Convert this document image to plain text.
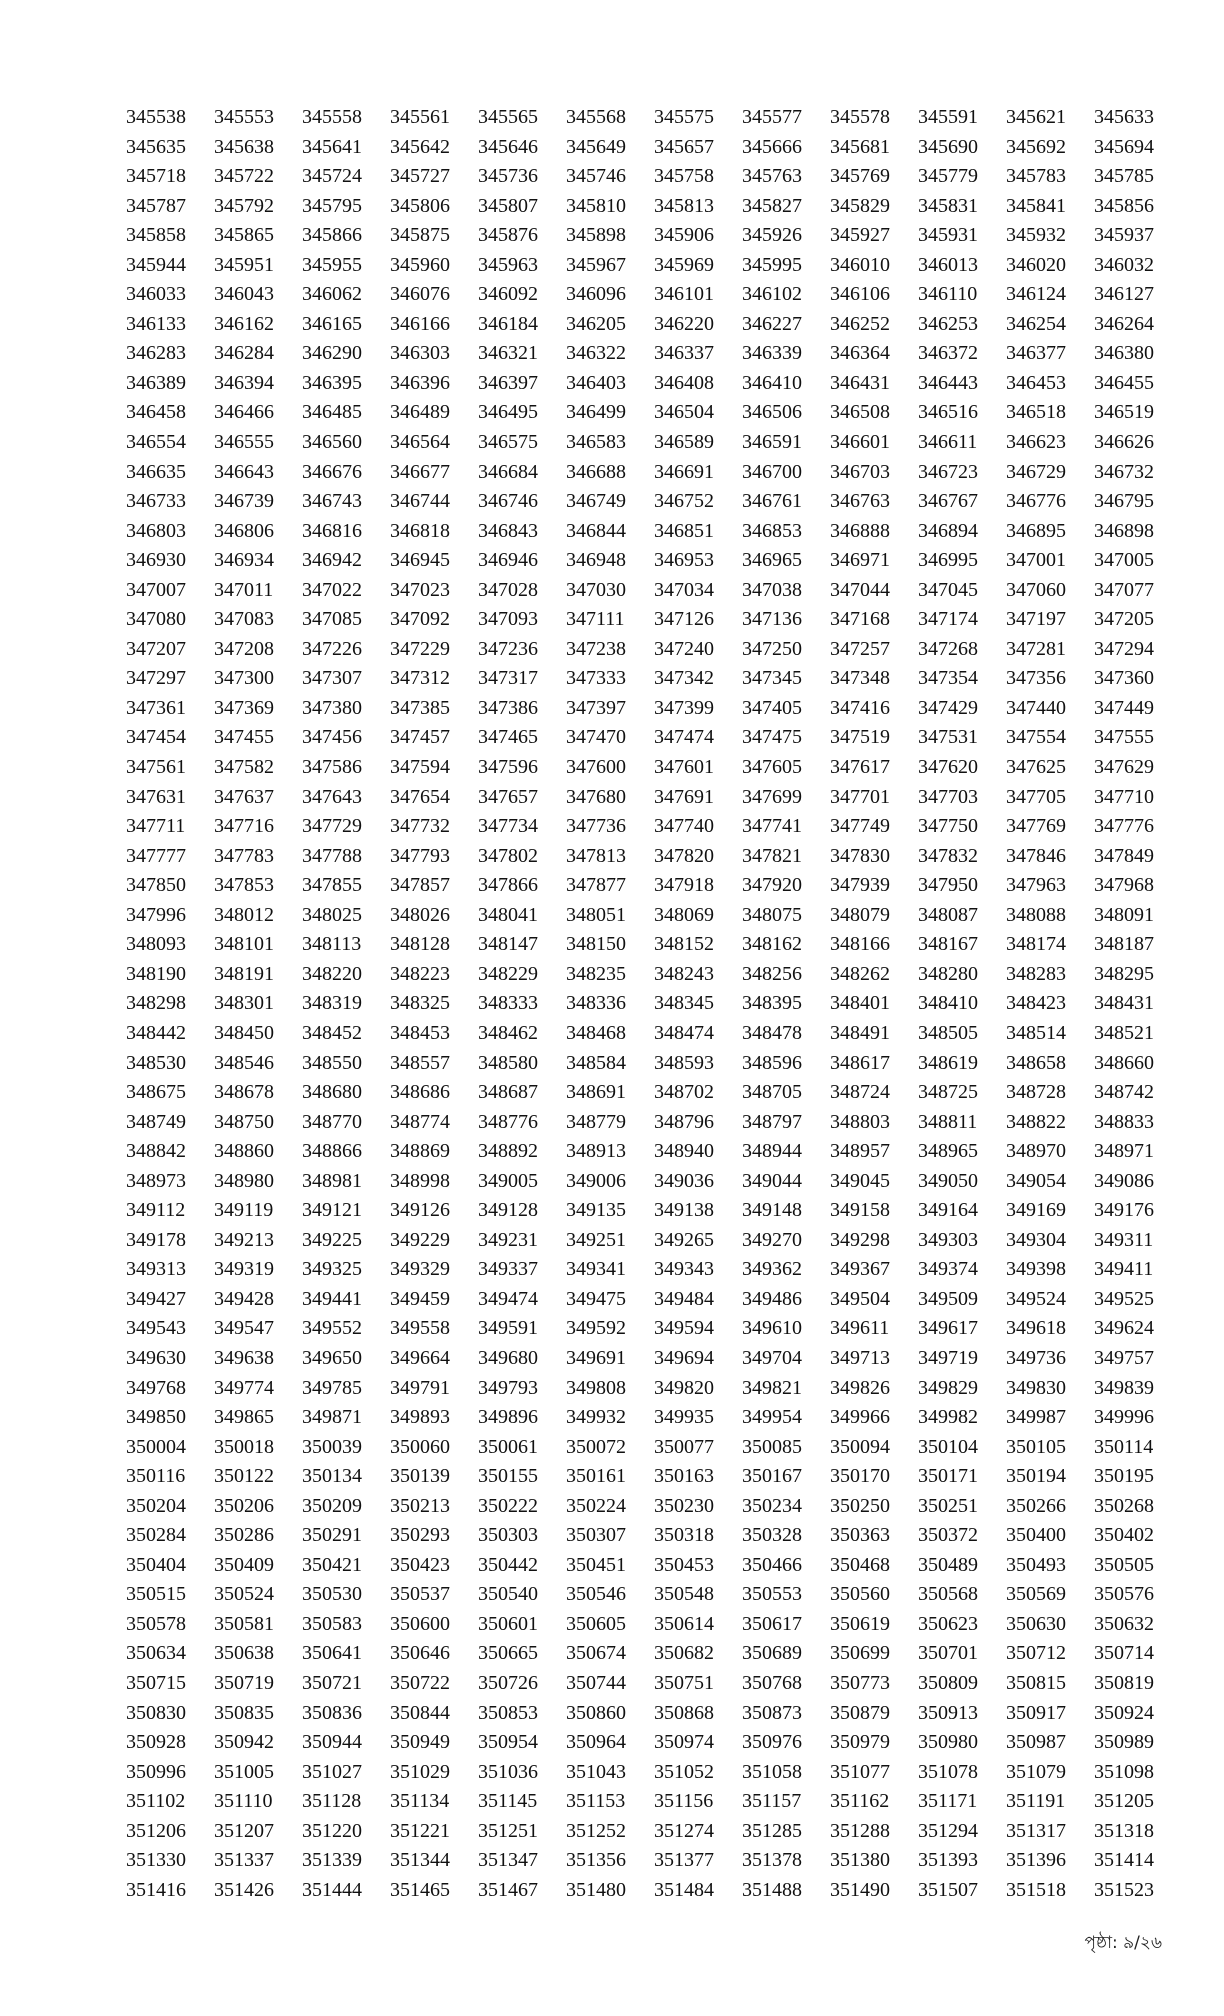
345538	345553	345558	345561	345565	345568	345575	345577	345578	345591	345621	345633
345635	345638	345641	345642	345646	345649	345657	345666	345681	345690	345692	345694
345718	345722	345724	345727	345736	345746	345758	345763	345769	345779	345783	345785
345787	345792	345795	345806	345807	345810	345813	345827	345829	345831	345841	345856
345858	345865	345866	345875	345876	345898	345906	345926	345927	345931	345932	345937
345944	345951	345955	345960	345963	345967	345969	345995	346010	346013	346020	346032
346033	346043	346062	346076	346092	346096	346101	346102	346106	346110	346124	346127
346133	346162	346165	346166	346184	346205	346220	346227	346252	346253	346254	346264
346283	346284	346290	346303	346321	346322	346337	346339	346364	346372	346377	346380
346389	346394	346395	346396	346397	346403	346408	346410	346431	346443	346453	346455
346458	346466	346485	346489	346495	346499	346504	346506	346508	346516	346518	346519
346554	346555	346560	346564	346575	346583	346589	346591	346601	346611	346623	346626
346635	346643	346676	346677	346684	346688	346691	346700	346703	346723	346729	346732
346733	346739	346743	346744	346746	346749	346752	346761	346763	346767	346776	346795
346803	346806	346816	346818	346843	346844	346851	346853	346888	346894	346895	346898
346930	346934	346942	346945	346946	346948	346953	346965	346971	346995	347001	347005
347007	347011	347022	347023	347028	347030	347034	347038	347044	347045	347060	347077
347080	347083	347085	347092	347093	347111	347126	347136	347168	347174	347197	347205
347207	347208	347226	347229	347236	347238	347240	347250	347257	347268	347281	347294
347297	347300	347307	347312	347317	347333	347342	347345	347348	347354	347356	347360
347361	347369	347380	347385	347386	347397	347399	347405	347416	347429	347440	347449
347454	347455	347456	347457	347465	347470	347474	347475	347519	347531	347554	347555
347561	347582	347586	347594	347596	347600	347601	347605	347617	347620	347625	347629
347631	347637	347643	347654	347657	347680	347691	347699	347701	347703	347705	347710
347711	347716	347729	347732	347734	347736	347740	347741	347749	347750	347769	347776
347777	347783	347788	347793	347802	347813	347820	347821	347830	347832	347846	347849
347850	347853	347855	347857	347866	347877	347918	347920	347939	347950	347963	347968
347996	348012	348025	348026	348041	348051	348069	348075	348079	348087	348088	348091
348093	348101	348113	348128	348147	348150	348152	348162	348166	348167	348174	348187
348190	348191	348220	348223	348229	348235	348243	348256	348262	348280	348283	348295
348298	348301	348319	348325	348333	348336	348345	348395	348401	348410	348423	348431
348442	348450	348452	348453	348462	348468	348474	348478	348491	348505	348514	348521
348530	348546	348550	348557	348580	348584	348593	348596	348617	348619	348658	348660
348675	348678	348680	348686	348687	348691	348702	348705	348724	348725	348728	348742
348749	348750	348770	348774	348776	348779	348796	348797	348803	348811	348822	348833
348842	348860	348866	348869	348892	348913	348940	348944	348957	348965	348970	348971
348973	348980	348981	348998	349005	349006	349036	349044	349045	349050	349054	349086
349112	349119	349121	349126	349128	349135	349138	349148	349158	349164	349169	349176
349178	349213	349225	349229	349231	349251	349265	349270	349298	349303	349304	349311
349313	349319	349325	349329	349337	349341	349343	349362	349367	349374	349398	349411
349427	349428	349441	349459	349474	349475	349484	349486	349504	349509	349524	349525
349543	349547	349552	349558	349591	349592	349594	349610	349611	349617	349618	349624
349630	349638	349650	349664	349680	349691	349694	349704	349713	349719	349736	349757
349768	349774	349785	349791	349793	349808	349820	349821	349826	349829	349830	349839
349850	349865	349871	349893	349896	349932	349935	349954	349966	349982	349987	349996
350004	350018	350039	350060	350061	350072	350077	350085	350094	350104	350105	350114
350116	350122	350134	350139	350155	350161	350163	350167	350170	350171	350194	350195
350204	350206	350209	350213	350222	350224	350230	350234	350250	350251	350266	350268
350284	350286	350291	350293	350303	350307	350318	350328	350363	350372	350400	350402
350404	350409	350421	350423	350442	350451	350453	350466	350468	350489	350493	350505
350515	350524	350530	350537	350540	350546	350548	350553	350560	350568	350569	350576
350578	350581	350583	350600	350601	350605	350614	350617	350619	350623	350630	350632
350634	350638	350641	350646	350665	350674	350682	350689	350699	350701	350712	350714
350715	350719	350721	350722	350726	350744	350751	350768	350773	350809	350815	350819
350830	350835	350836	350844	350853	350860	350868	350873	350879	350913	350917	350924
350928	350942	350944	350949	350954	350964	350974	350976	350979	350980	350987	350989
350996	351005	351027	351029	351036	351043	351052	351058	351077	351078	351079	351098
351102	351110	351128	351134	351145	351153	351156	351157	351162	351171	351191	351205
351206	351207	351220	351221	351251	351252	351274	351285	351288	351294	351317	351318
351330	351337	351339	351344	351347	351356	351377	351378	351380	351393	351396	351414
351416	351426	351444	351465	351467	351480	351484	351488	351490	351507	351518	351523
পৃষ্ঠা: ৯/২৬
